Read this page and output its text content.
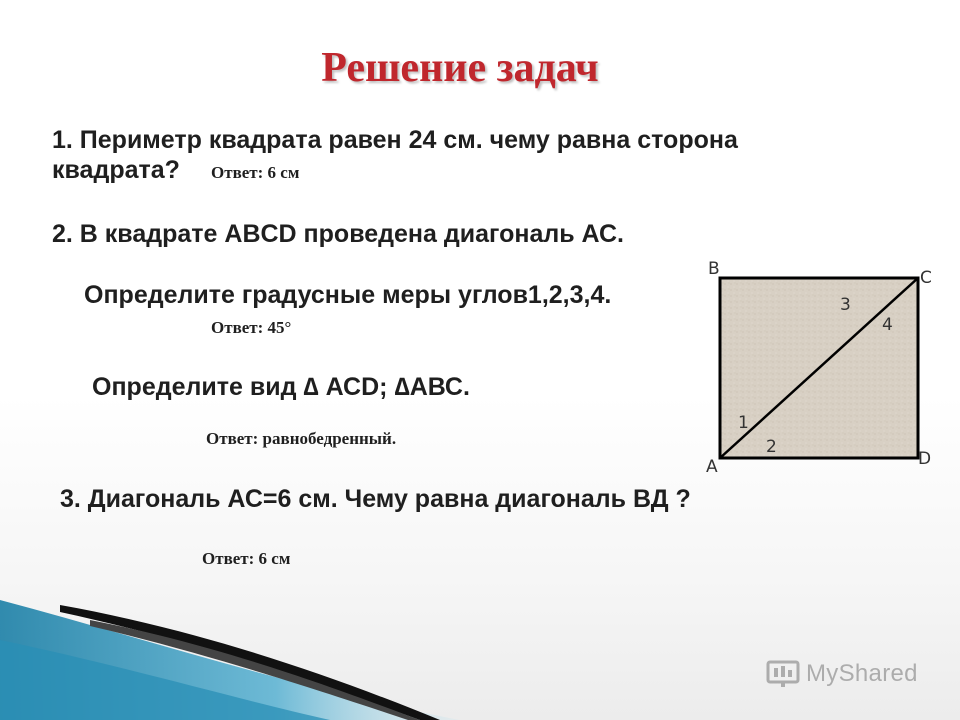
Решение задач
1. Периметр квадрата равен 24 см. чему равна сторона
квадрата? Ответ: 6 см
2. В квадрате ABCD проведена диагональ АС.
Определите градусные меры углов1,2,3,4.
Ответ: 45°
Определите вид ∆ АСD; ∆АВС.
Ответ: равнобедренный.
3. Диагональ АС=6 см. Чему равна диагональ ВД ?
Ответ: 6 см
A
B	C
D
1
2
3
4
MyShared
